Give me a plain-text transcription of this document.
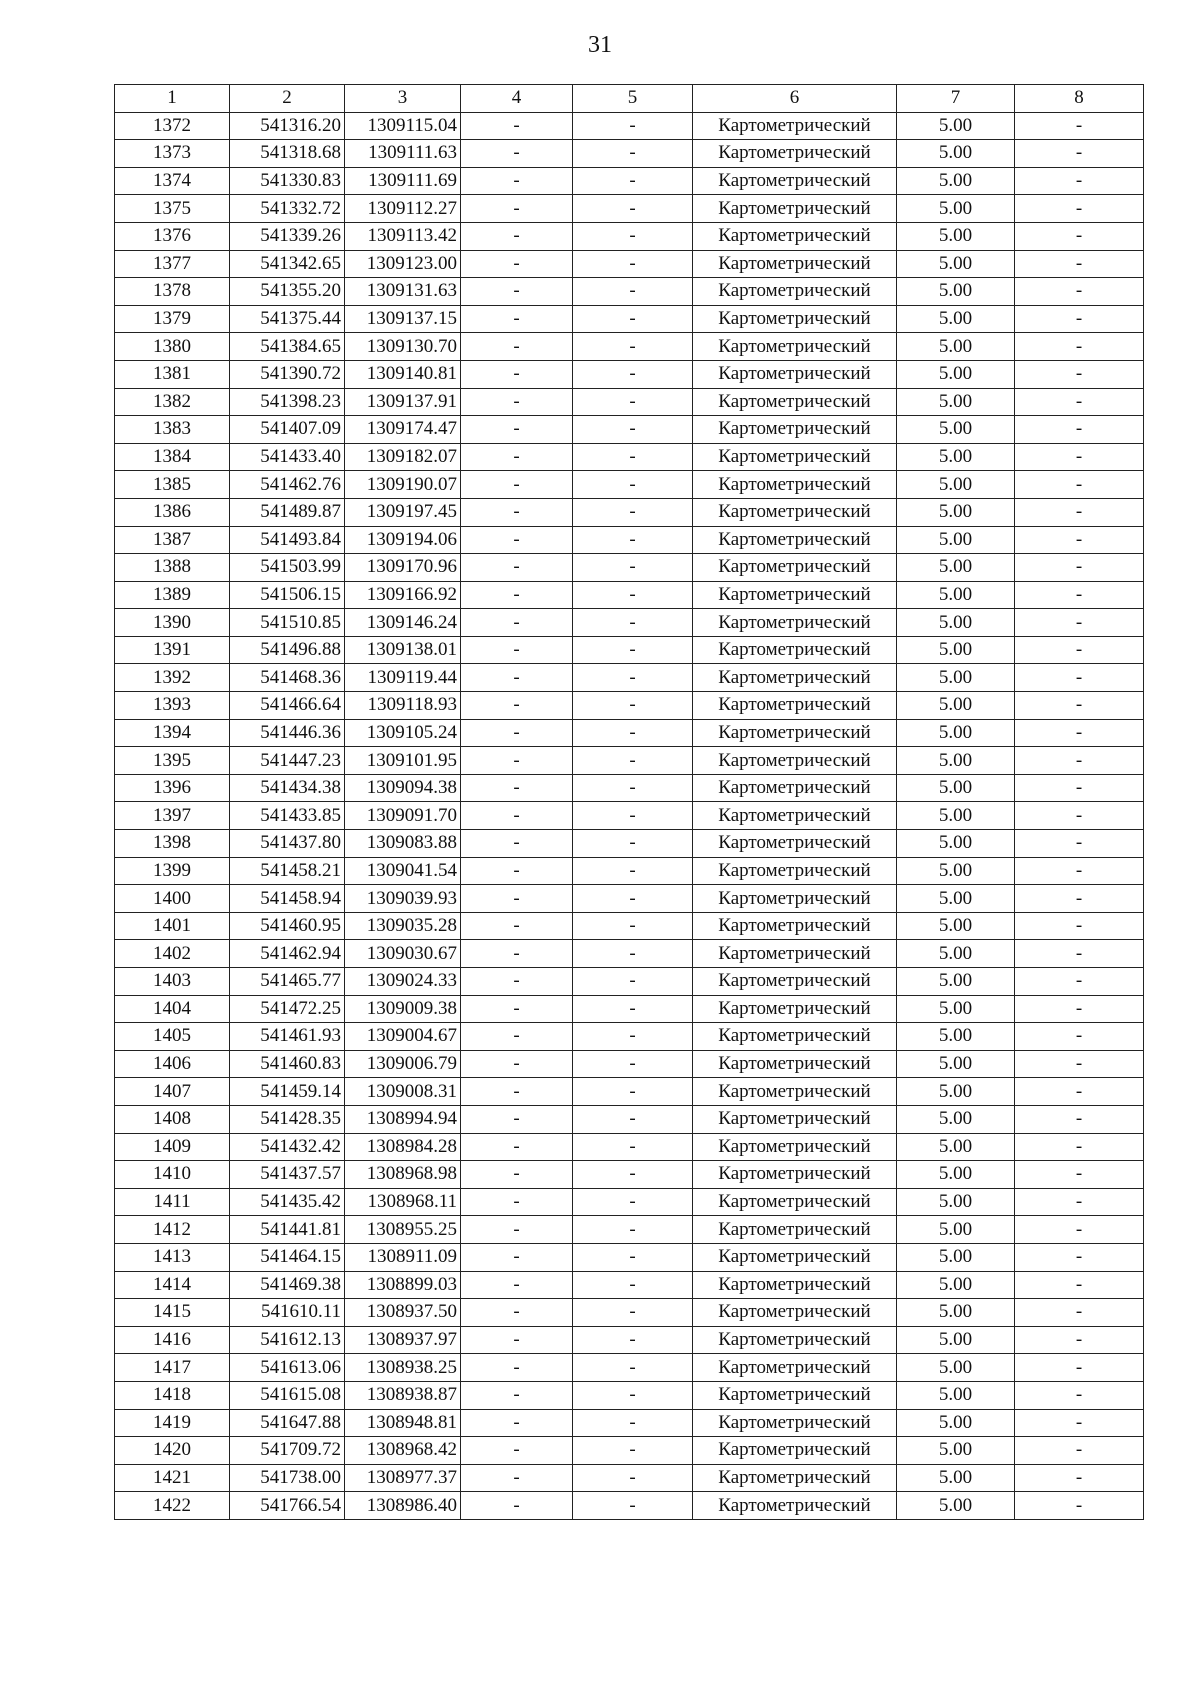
31
1	2	3	4	5	6	7	8
1372	541316.20	1309115.04	-	-	Картометрический	5.00	-
1373	541318.68	1309111.63	-	-	Картометрический	5.00	-
1374	541330.83	1309111.69	-	-	Картометрический	5.00	-
1375	541332.72	1309112.27	-	-	Картометрический	5.00	-
1376	541339.26	1309113.42	-	-	Картометрический	5.00	-
1377	541342.65	1309123.00	-	-	Картометрический	5.00	-
1378	541355.20	1309131.63	-	-	Картометрический	5.00	-
1379	541375.44	1309137.15	-	-	Картометрический	5.00	-
1380	541384.65	1309130.70	-	-	Картометрический	5.00	-
1381	541390.72	1309140.81	-	-	Картометрический	5.00	-
1382	541398.23	1309137.91	-	-	Картометрический	5.00	-
1383	541407.09	1309174.47	-	-	Картометрический	5.00	-
1384	541433.40	1309182.07	-	-	Картометрический	5.00	-
1385	541462.76	1309190.07	-	-	Картометрический	5.00	-
1386	541489.87	1309197.45	-	-	Картометрический	5.00	-
1387	541493.84	1309194.06	-	-	Картометрический	5.00	-
1388	541503.99	1309170.96	-	-	Картометрический	5.00	-
1389	541506.15	1309166.92	-	-	Картометрический	5.00	-
1390	541510.85	1309146.24	-	-	Картометрический	5.00	-
1391	541496.88	1309138.01	-	-	Картометрический	5.00	-
1392	541468.36	1309119.44	-	-	Картометрический	5.00	-
1393	541466.64	1309118.93	-	-	Картометрический	5.00	-
1394	541446.36	1309105.24	-	-	Картометрический	5.00	-
1395	541447.23	1309101.95	-	-	Картометрический	5.00	-
1396	541434.38	1309094.38	-	-	Картометрический	5.00	-
1397	541433.85	1309091.70	-	-	Картометрический	5.00	-
1398	541437.80	1309083.88	-	-	Картометрический	5.00	-
1399	541458.21	1309041.54	-	-	Картометрический	5.00	-
1400	541458.94	1309039.93	-	-	Картометрический	5.00	-
1401	541460.95	1309035.28	-	-	Картометрический	5.00	-
1402	541462.94	1309030.67	-	-	Картометрический	5.00	-
1403	541465.77	1309024.33	-	-	Картометрический	5.00	-
1404	541472.25	1309009.38	-	-	Картометрический	5.00	-
1405	541461.93	1309004.67	-	-	Картометрический	5.00	-
1406	541460.83	1309006.79	-	-	Картометрический	5.00	-
1407	541459.14	1309008.31	-	-	Картометрический	5.00	-
1408	541428.35	1308994.94	-	-	Картометрический	5.00	-
1409	541432.42	1308984.28	-	-	Картометрический	5.00	-
1410	541437.57	1308968.98	-	-	Картометрический	5.00	-
1411	541435.42	1308968.11	-	-	Картометрический	5.00	-
1412	541441.81	1308955.25	-	-	Картометрический	5.00	-
1413	541464.15	1308911.09	-	-	Картометрический	5.00	-
1414	541469.38	1308899.03	-	-	Картометрический	5.00	-
1415	541610.11	1308937.50	-	-	Картометрический	5.00	-
1416	541612.13	1308937.97	-	-	Картометрический	5.00	-
1417	541613.06	1308938.25	-	-	Картометрический	5.00	-
1418	541615.08	1308938.87	-	-	Картометрический	5.00	-
1419	541647.88	1308948.81	-	-	Картометрический	5.00	-
1420	541709.72	1308968.42	-	-	Картометрический	5.00	-
1421	541738.00	1308977.37	-	-	Картометрический	5.00	-
1422	541766.54	1308986.40	-	-	Картометрический	5.00	-
